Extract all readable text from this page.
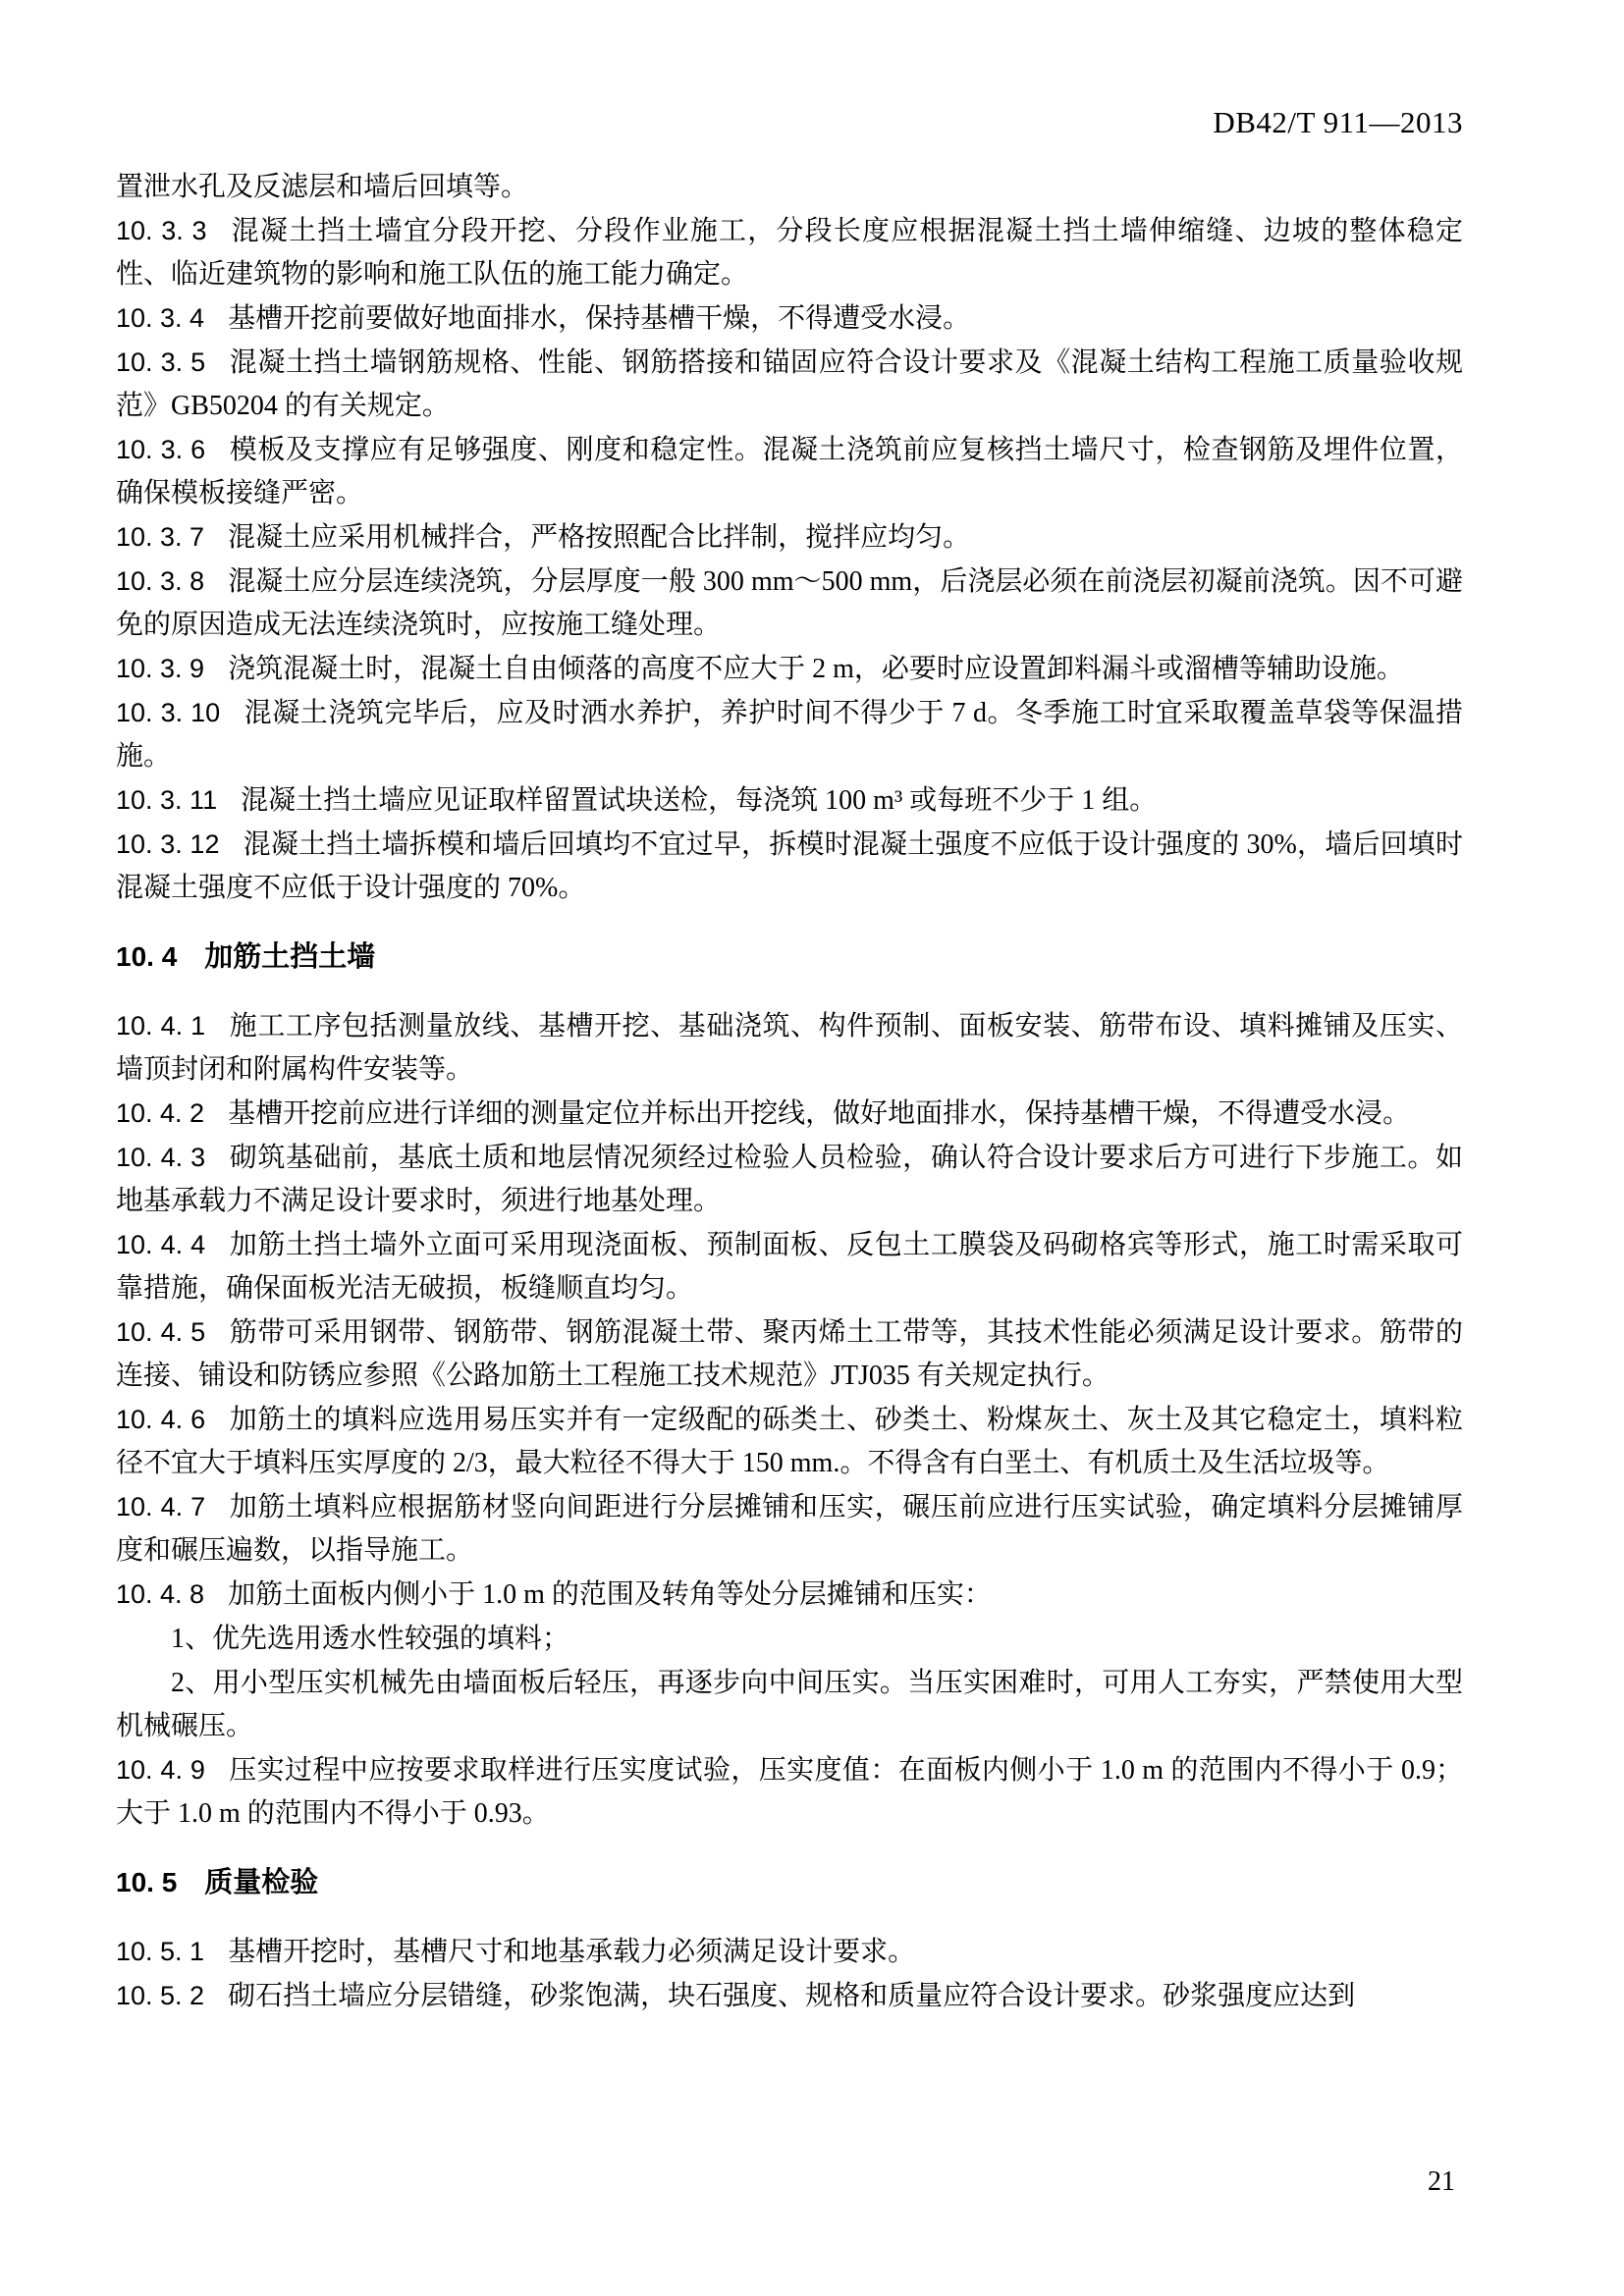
DB42/T 911—2013

置泄水孔及反滤层和墙后回填等。

10. 3. 3 混凝土挡土墙宜分段开挖、分段作业施工，分段长度应根据混凝土挡土墙伸缩缝、边坡的整体稳定性、临近建筑物的影响和施工队伍的施工能力确定。

10. 3. 4 基槽开挖前要做好地面排水，保持基槽干燥，不得遭受水浸。

10. 3. 5 混凝土挡土墙钢筋规格、性能、钢筋搭接和锚固应符合设计要求及《混凝土结构工程施工质量验收规范》GB50204 的有关规定。

10. 3. 6 模板及支撑应有足够强度、刚度和稳定性。混凝土浇筑前应复核挡土墙尺寸，检查钢筋及埋件位置，确保模板接缝严密。

10. 3. 7 混凝土应采用机械拌合，严格按照配合比拌制，搅拌应均匀。

10. 3. 8 混凝土应分层连续浇筑，分层厚度一般 300 mm～500 mm，后浇层必须在前浇层初凝前浇筑。因不可避免的原因造成无法连续浇筑时，应按施工缝处理。

10. 3. 9 浇筑混凝土时，混凝土自由倾落的高度不应大于 2 m，必要时应设置卸料漏斗或溜槽等辅助设施。

10. 3. 10 混凝土浇筑完毕后，应及时洒水养护，养护时间不得少于 7 d。冬季施工时宜采取覆盖草袋等保温措施。

10. 3. 11 混凝土挡土墙应见证取样留置试块送检，每浇筑 100 m³ 或每班不少于 1 组。

10. 3. 12 混凝土挡土墙拆模和墙后回填均不宜过早，拆模时混凝土强度不应低于设计强度的 30%，墙后回填时混凝土强度不应低于设计强度的 70%。

10. 4 加筋土挡土墙

10. 4. 1 施工工序包括测量放线、基槽开挖、基础浇筑、构件预制、面板安装、筋带布设、填料摊铺及压实、墙顶封闭和附属构件安装等。

10. 4. 2 基槽开挖前应进行详细的测量定位并标出开挖线，做好地面排水，保持基槽干燥，不得遭受水浸。

10. 4. 3 砌筑基础前，基底土质和地层情况须经过检验人员检验，确认符合设计要求后方可进行下步施工。如地基承载力不满足设计要求时，须进行地基处理。

10. 4. 4 加筋土挡土墙外立面可采用现浇面板、预制面板、反包土工膜袋及码砌格宾等形式，施工时需采取可靠措施，确保面板光洁无破损，板缝顺直均匀。

10. 4. 5 筋带可采用钢带、钢筋带、钢筋混凝土带、聚丙烯土工带等，其技术性能必须满足设计要求。筋带的连接、铺设和防锈应参照《公路加筋土工程施工技术规范》JTJ035 有关规定执行。

10. 4. 6 加筋土的填料应选用易压实并有一定级配的砾类土、砂类土、粉煤灰土、灰土及其它稳定土，填料粒径不宜大于填料压实厚度的 2/3，最大粒径不得大于 150 mm.。不得含有白垩土、有机质土及生活垃圾等。

10. 4. 7 加筋土填料应根据筋材竖向间距进行分层摊铺和压实，碾压前应进行压实试验，确定填料分层摊铺厚度和碾压遍数，以指导施工。

10. 4. 8 加筋土面板内侧小于 1.0 m 的范围及转角等处分层摊铺和压实：

1、优先选用透水性较强的填料；

2、用小型压实机械先由墙面板后轻压，再逐步向中间压实。当压实困难时，可用人工夯实，严禁使用大型机械碾压。

10. 4. 9 压实过程中应按要求取样进行压实度试验，压实度值：在面板内侧小于 1.0 m 的范围内不得小于 0.9；大于 1.0 m 的范围内不得小于 0.93。

10. 5 质量检验

10. 5. 1 基槽开挖时，基槽尺寸和地基承载力必须满足设计要求。

10. 5. 2 砌石挡土墙应分层错缝，砂浆饱满，块石强度、规格和质量应符合设计要求。砂浆强度应达到

21
